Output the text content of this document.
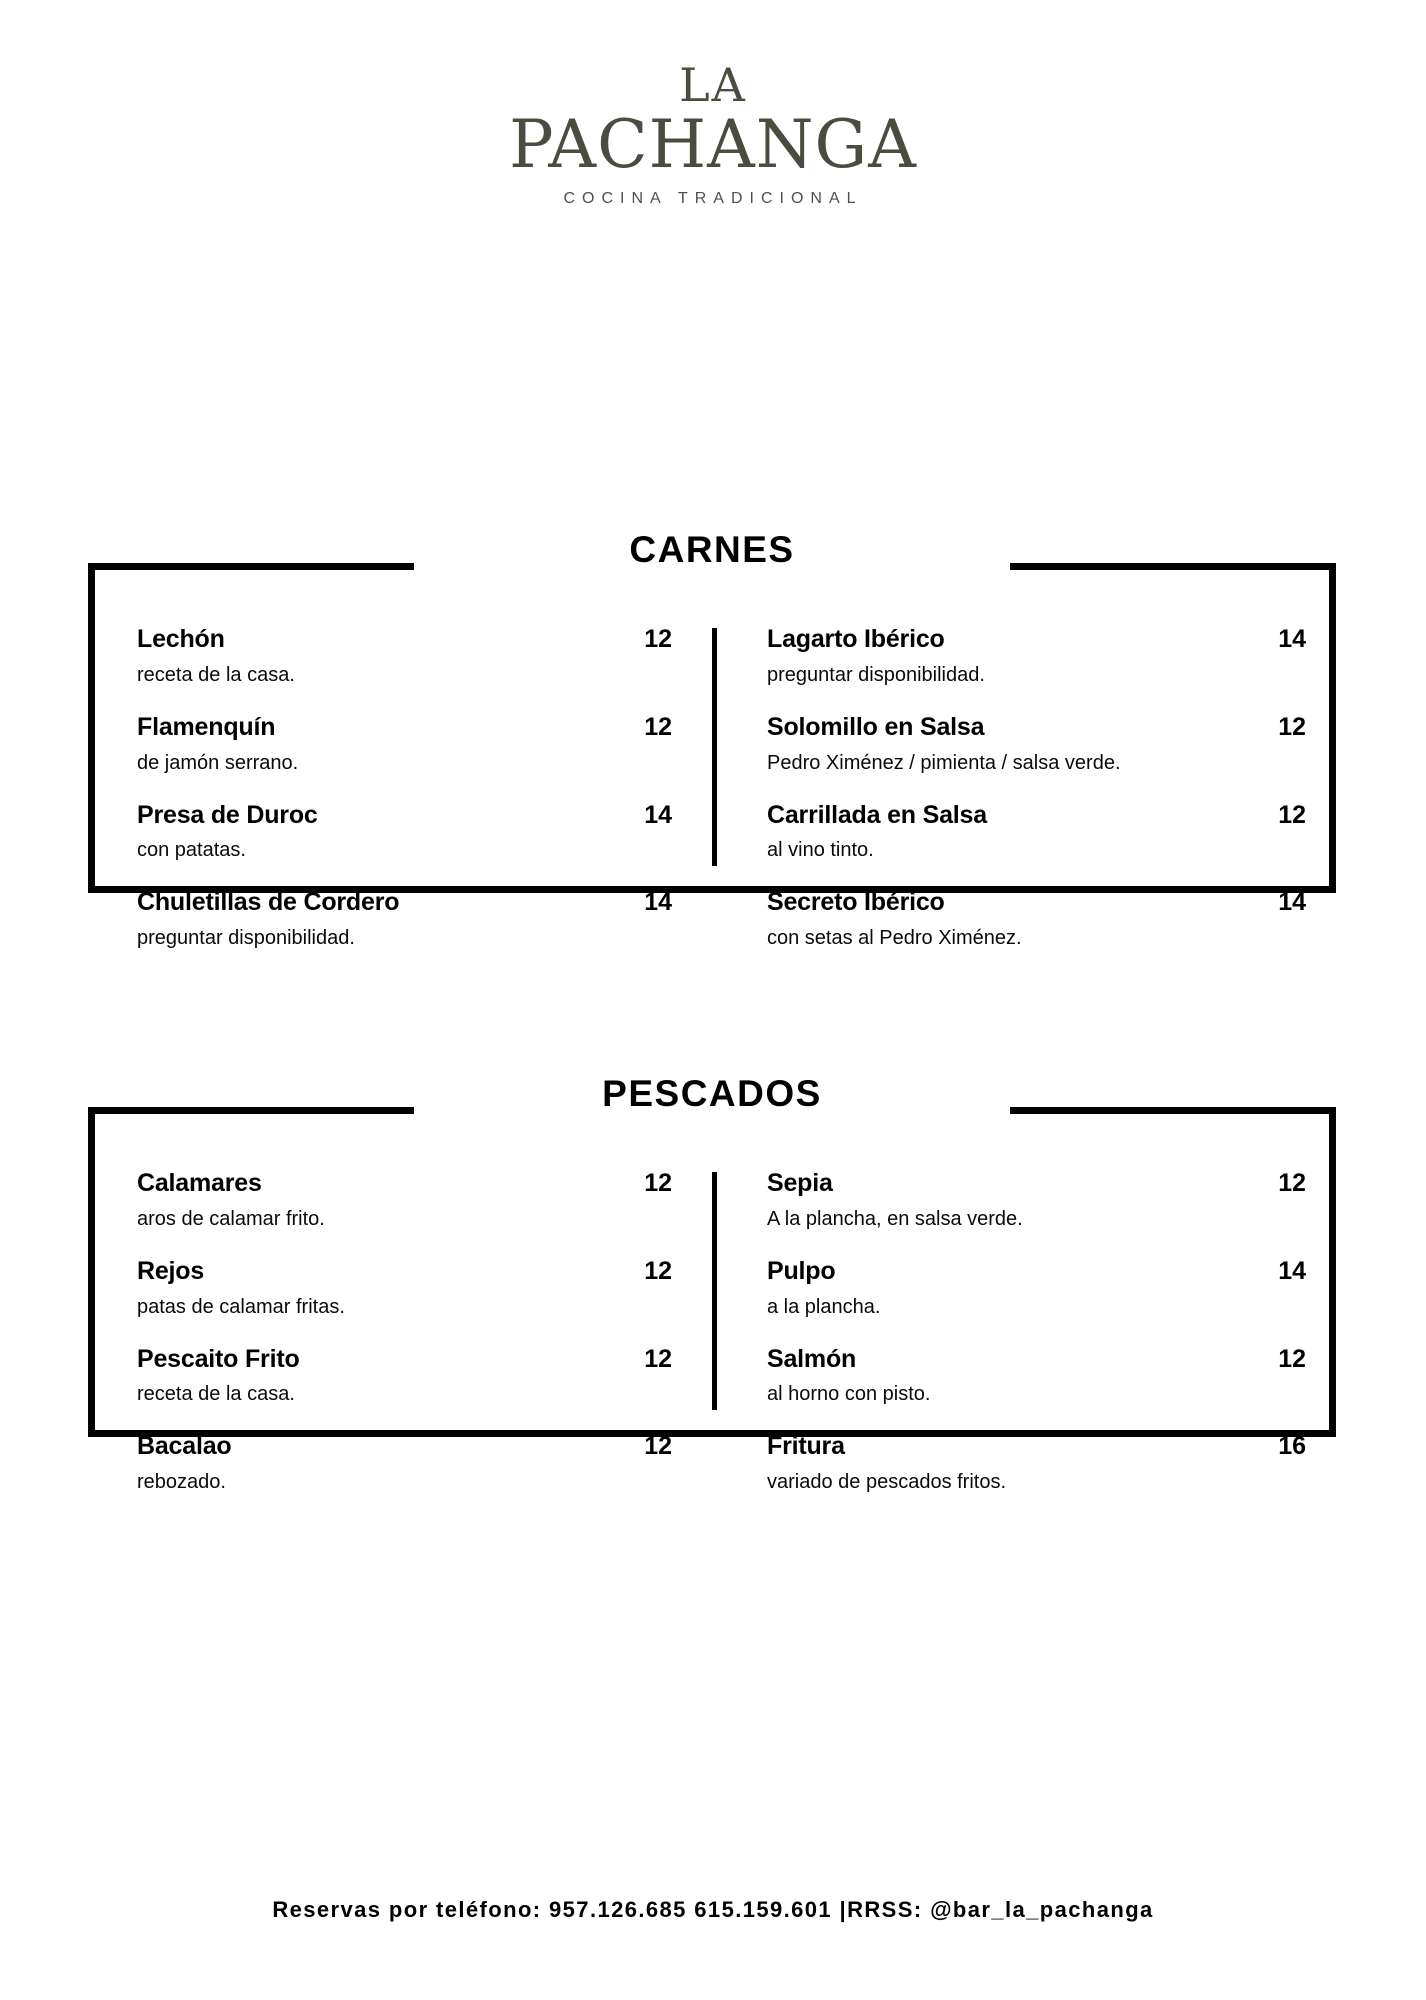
LA
PACHANGA
COCINA TRADICIONAL
CARNES
Lechón	12
receta de la casa.
Flamenquín	12
de jamón serrano.
Presa de Duroc	14
con patatas.
Chuletillas de Cordero	14
preguntar disponibilidad.
Lagarto Ibérico	14
preguntar disponibilidad.
Solomillo en Salsa	12
Pedro Ximénez / pimienta / salsa verde.
Carrillada en Salsa	12
al vino tinto.
Secreto Ibérico	14
con setas al Pedro Ximénez.
PESCADOS
Calamares	12
aros de calamar frito.
Rejos	12
patas de calamar fritas.
Pescaito Frito	12
receta de la casa.
Bacalao	12
rebozado.
Sepia	12
A la plancha, en salsa verde.
Pulpo	14
a la plancha.
Salmón	12
al horno con pisto.
Fritura	16
variado de pescados fritos.
Reservas por teléfono: 957.126.685 615.159.601 |RRSS: @bar_la_pachanga
